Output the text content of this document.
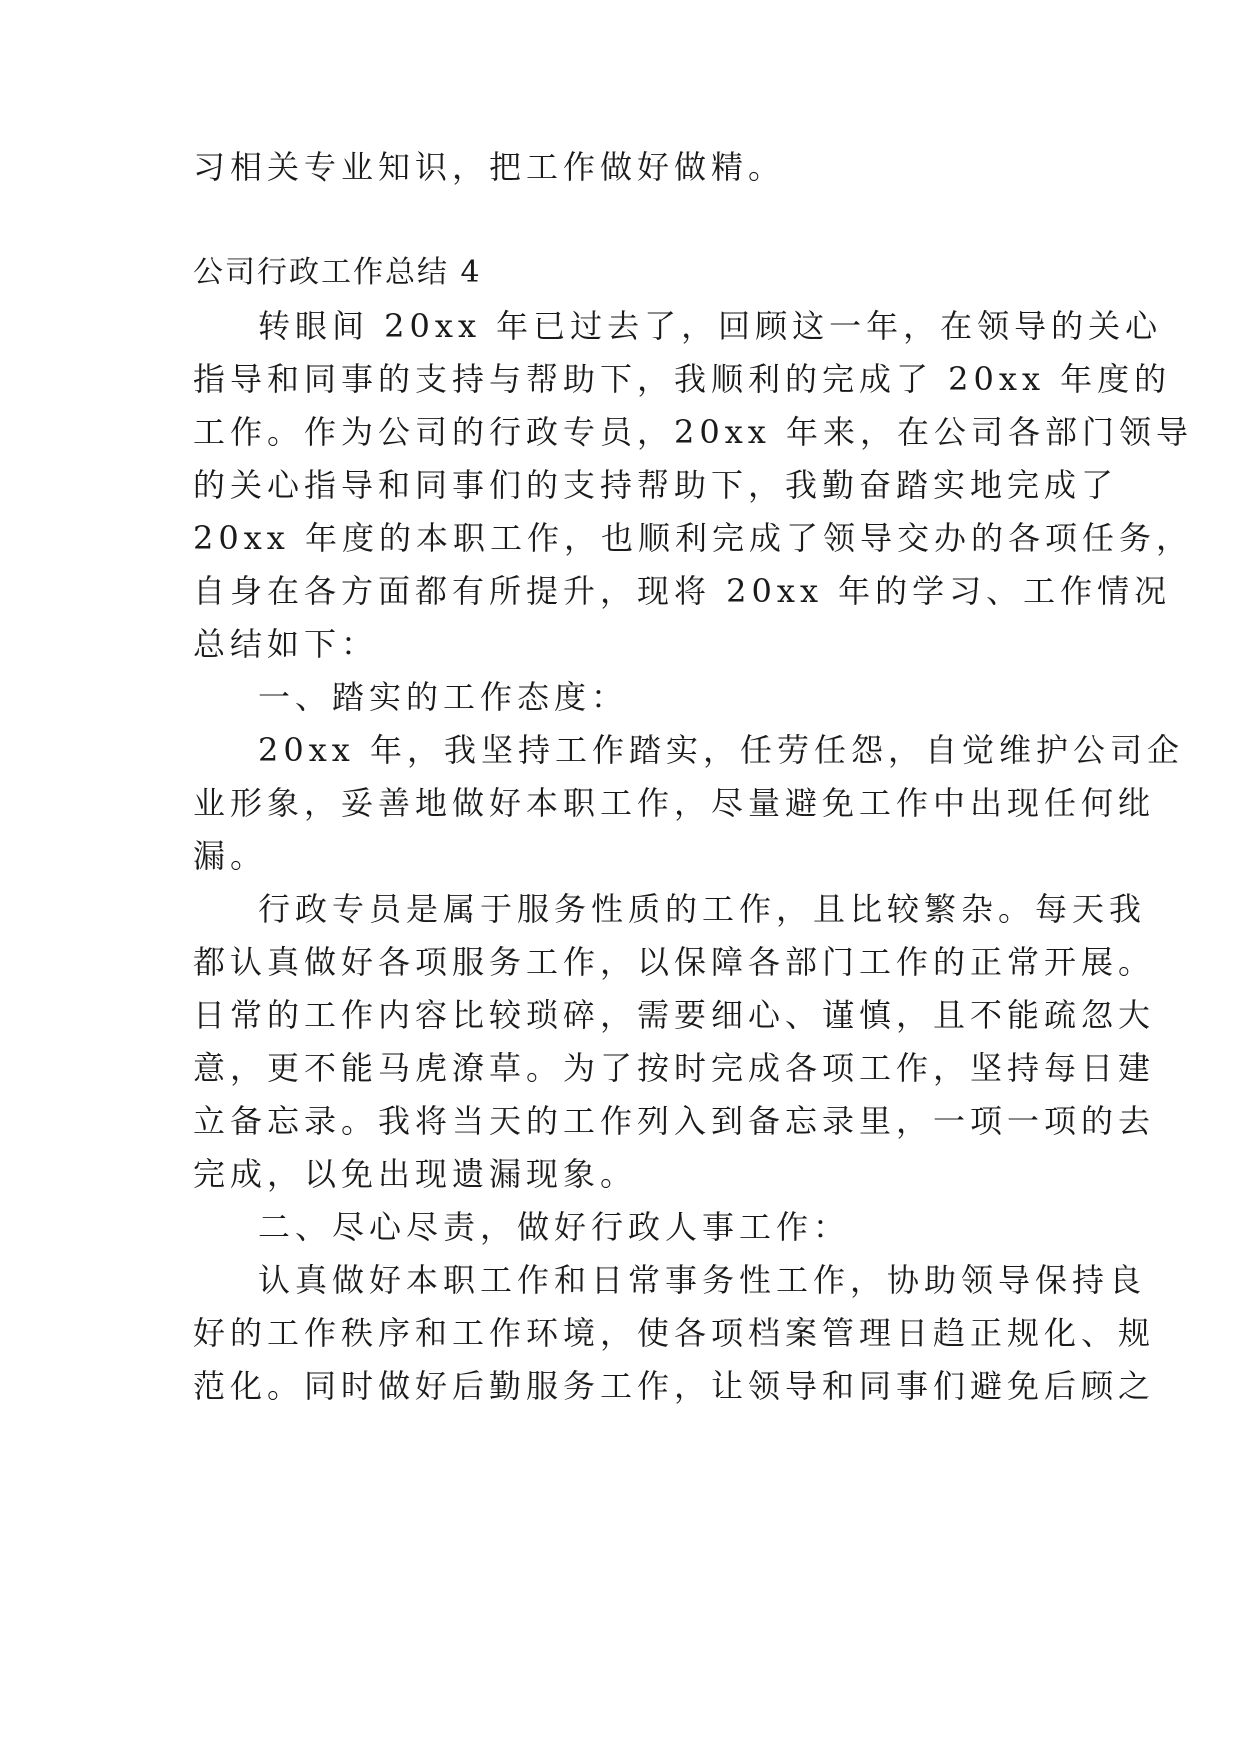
习相关专业知识，把工作做好做精。
公司行政工作总结 4
转眼间 20xx 年已过去了，回顾这一年，在领导的关心
指导和同事的支持与帮助下，我顺利的完成了 20xx 年度的
工作。作为公司的行政专员，20xx 年来，在公司各部门领导
的关心指导和同事们的支持帮助下，我勤奋踏实地完成了
20xx 年度的本职工作，也顺利完成了领导交办的各项任务，
自身在各方面都有所提升，现将 20xx 年的学习、工作情况
总结如下：
一、踏实的工作态度：
20xx 年，我坚持工作踏实，任劳任怨，自觉维护公司企
业形象，妥善地做好本职工作，尽量避免工作中出现任何纰
漏。
行政专员是属于服务性质的工作，且比较繁杂。每天我
都认真做好各项服务工作，以保障各部门工作的正常开展。
日常的工作内容比较琐碎，需要细心、谨慎，且不能疏忽大
意，更不能马虎潦草。为了按时完成各项工作，坚持每日建
立备忘录。我将当天的工作列入到备忘录里，一项一项的去
完成，以免出现遗漏现象。
二、尽心尽责，做好行政人事工作：
认真做好本职工作和日常事务性工作，协助领导保持良
好的工作秩序和工作环境，使各项档案管理日趋正规化、规
范化。同时做好后勤服务工作，让领导和同事们避免后顾之
